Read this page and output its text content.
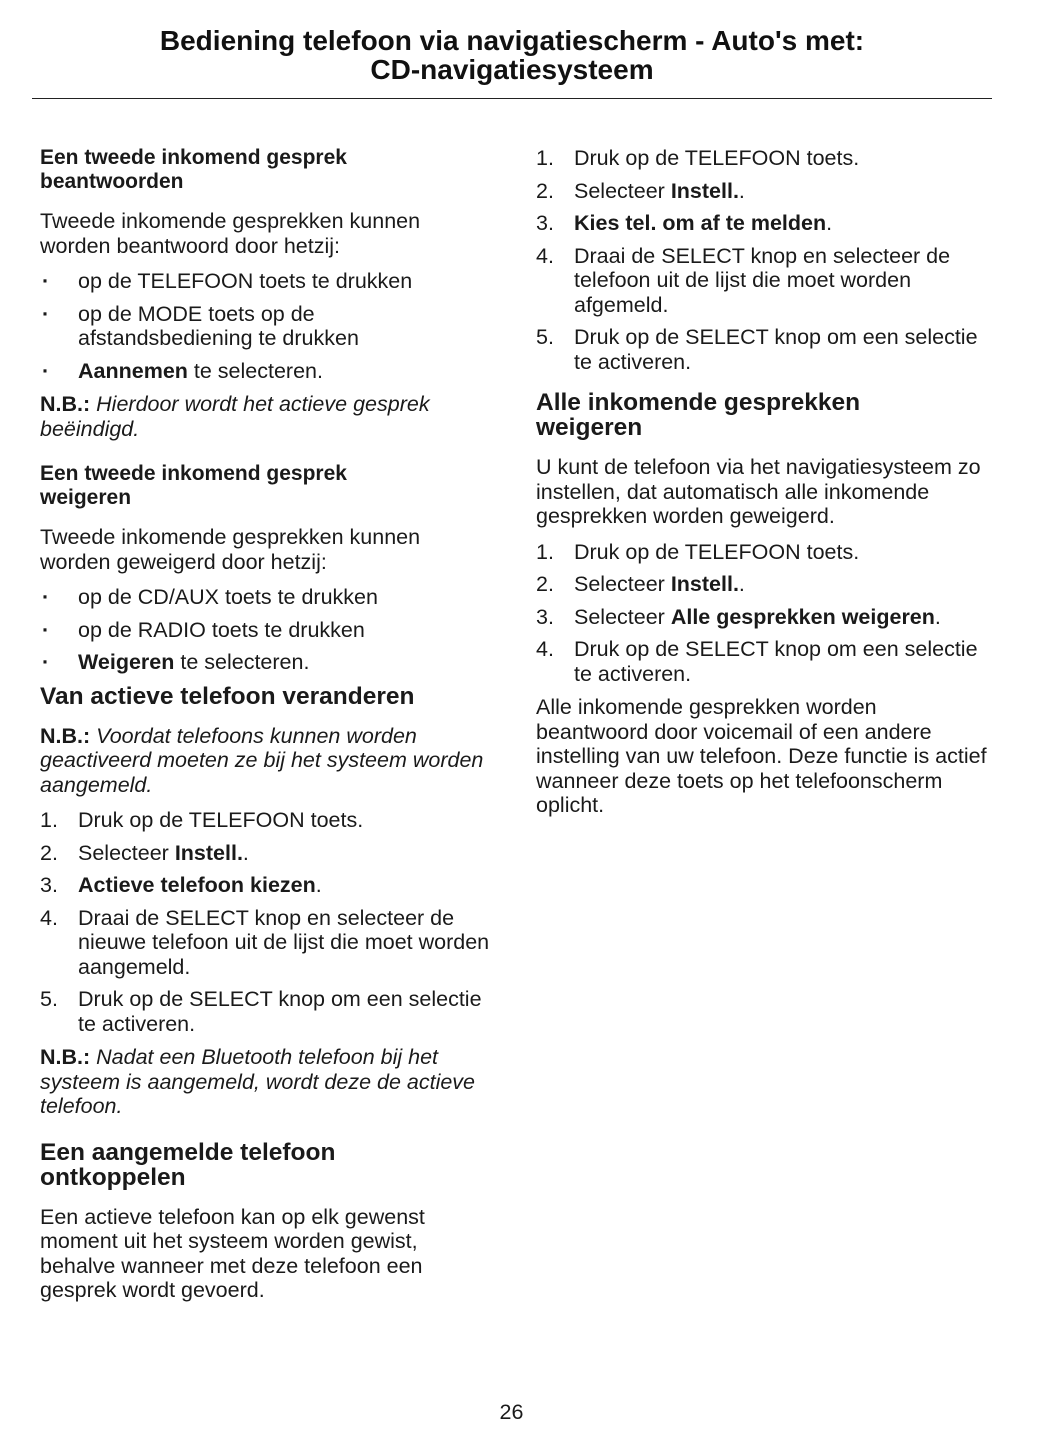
Bediening telefoon via navigatiescherm - Auto's met:
CD-navigatiesysteem
Een tweede inkomend gesprek
beantwoorden

Tweede inkomende gesprekken kunnen worden beantwoord door hetzij:

· op de TELEFOON toets te drukken
· op de MODE toets op de afstandsbediening te drukken
· Aannemen te selecteren.

N.B.: Hierdoor wordt het actieve gesprek beëindigd.

Een tweede inkomend gesprek
weigeren

Tweede inkomende gesprekken kunnen worden geweigerd door hetzij:

· op de CD/AUX toets te drukken
· op de RADIO toets te drukken
· Weigeren te selecteren.
Van actieve telefoon veranderen

N.B.: Voordat telefoons kunnen worden geactiveerd moeten ze bij het systeem worden aangemeld.

1. Druk op de TELEFOON toets.
2. Selecteer Instell..
3. Actieve telefoon kiezen.
4. Draai de SELECT knop en selecteer de nieuwe telefoon uit de lijst die moet worden aangemeld.
5. Druk op de SELECT knop om een selectie te activeren.

N.B.: Nadat een Bluetooth telefoon bij het systeem is aangemeld, wordt deze de actieve telefoon.

Een aangemelde telefoon
ontkoppelen

Een actieve telefoon kan op elk gewenst moment uit het systeem worden gewist, behalve wanneer met deze telefoon een gesprek wordt gevoerd.

1. Druk op de TELEFOON toets.
2. Selecteer Instell..
3. Kies tel. om af te melden.
4. Draai de SELECT knop en selecteer de telefoon uit de lijst die moet worden afgemeld.
5. Druk op de SELECT knop om een selectie te activeren.
Alle inkomende gesprekken
weigeren

U kunt de telefoon via het navigatiesysteem zo instellen, dat automatisch alle inkomende gesprekken worden geweigerd.

1. Druk op de TELEFOON toets.
2. Selecteer Instell..
3. Selecteer Alle gesprekken weigeren.
4. Druk op de SELECT knop om een selectie te activeren.

Alle inkomende gesprekken worden beantwoord door voicemail of een andere instelling van uw telefoon. Deze functie is actief wanneer deze toets op het telefoonscherm oplicht.

26
